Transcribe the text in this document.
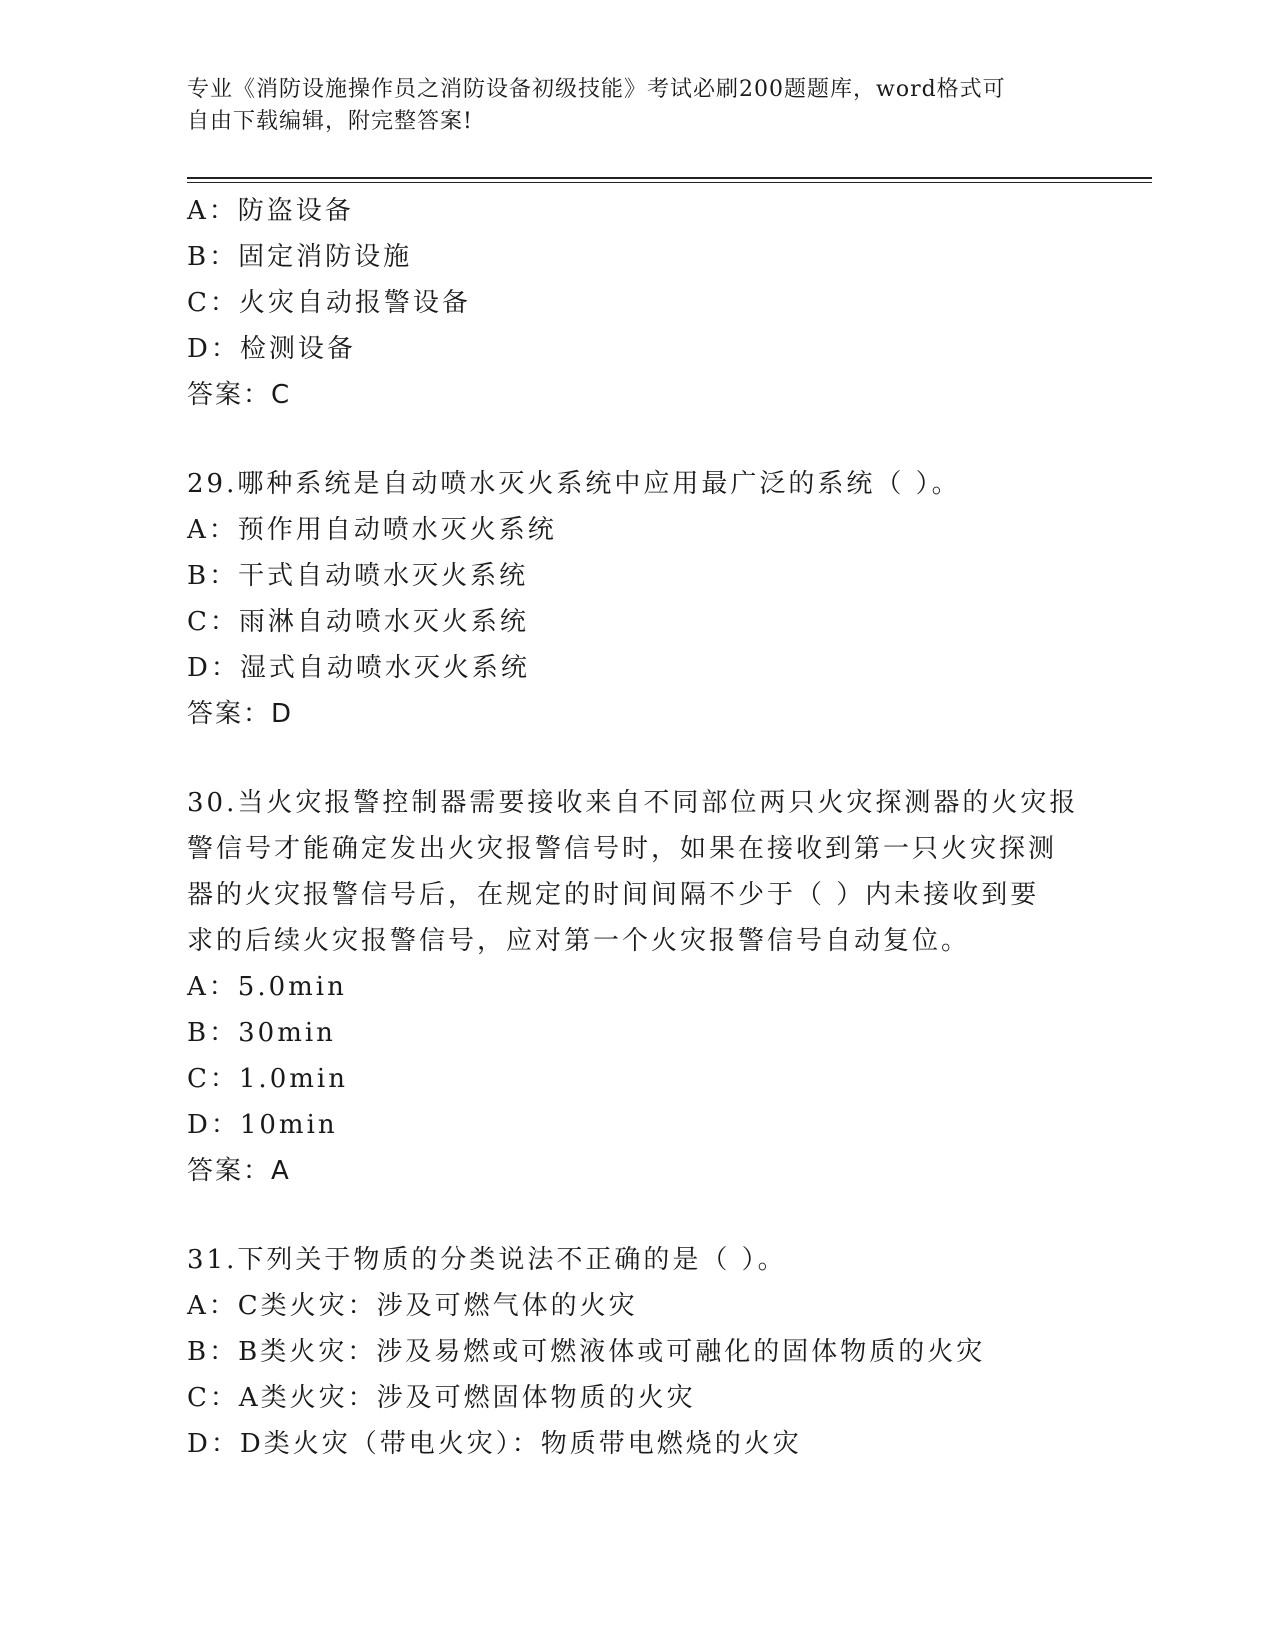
专业《消防设施操作员之消防设备初级技能》考试必刷200题题库，word格式可
自由下载编辑，附完整答案!
A：防盗设备
B：固定消防设施
C：火灾自动报警设备
D：检测设备
答案：C
29.哪种系统是自动喷水灭火系统中应用最广泛的系统（ ）。
A：预作用自动喷水灭火系统
B：干式自动喷水灭火系统
C：雨淋自动喷水灭火系统
D：湿式自动喷水灭火系统
答案：D
30.当火灾报警控制器需要接收来自不同部位两只火灾探测器的火灾报
警信号才能确定发出火灾报警信号时，如果在接收到第一只火灾探测
器的火灾报警信号后，在规定的时间间隔不少于（ ）内未接收到要
求的后续火灾报警信号，应对第一个火灾报警信号自动复位。
A：5.0min
B：30min
C：1.0min
D：10min
答案：A
31.下列关于物质的分类说法不正确的是（ ）。
A：C类火灾：涉及可燃气体的火灾
B：B类火灾：涉及易燃或可燃液体或可融化的固体物质的火灾
C：A类火灾：涉及可燃固体物质的火灾
D：D类火灾（带电火灾）：物质带电燃烧的火灾
